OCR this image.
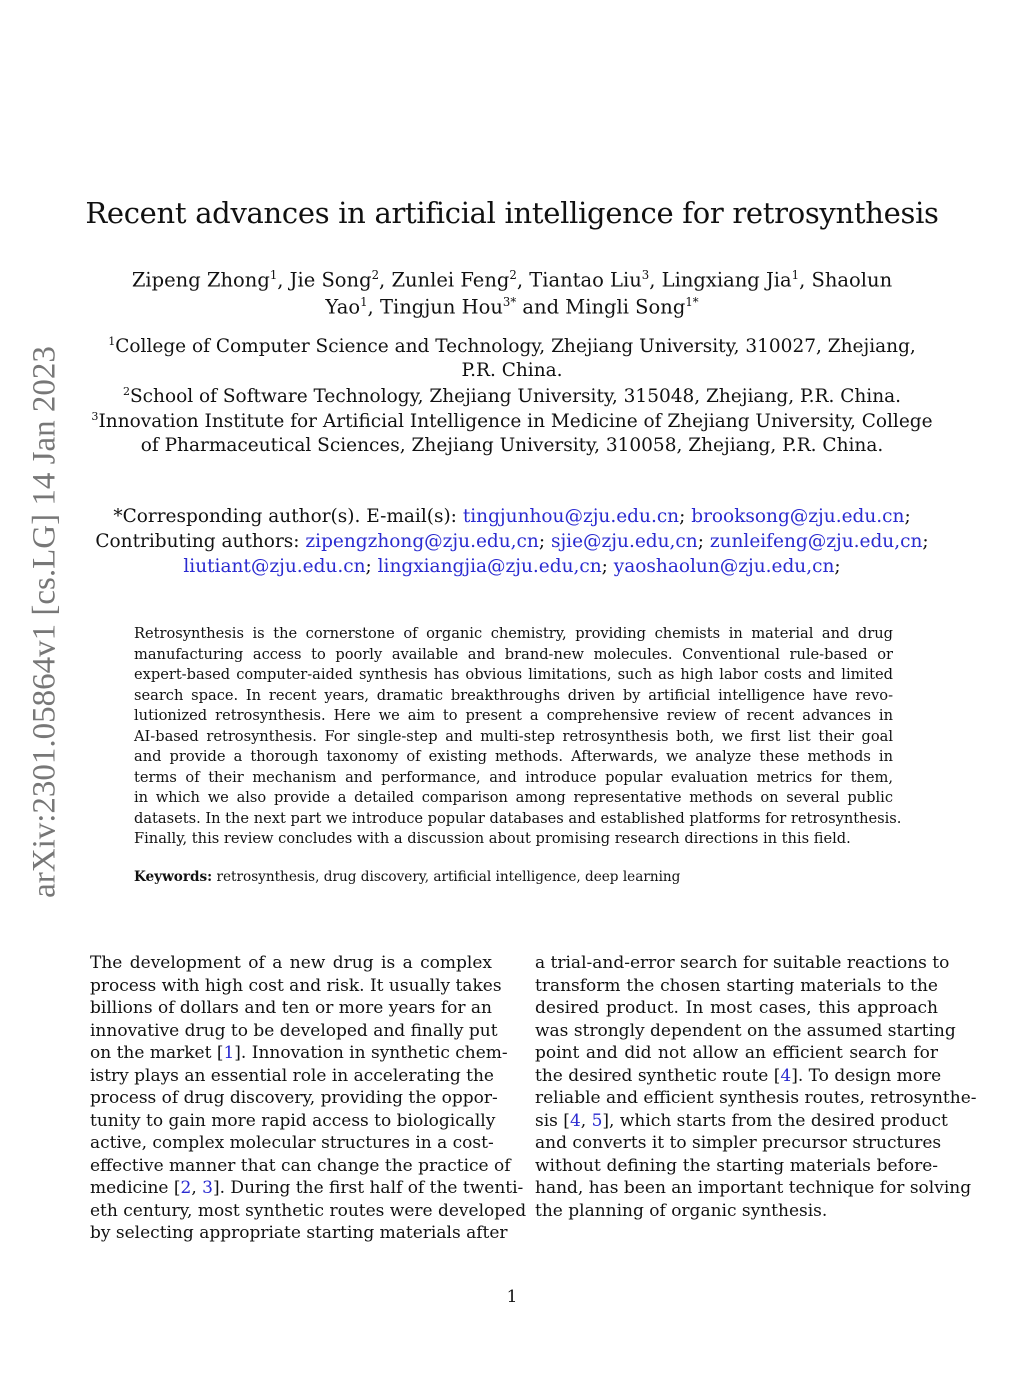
arXiv:2301.05864v1 [cs.LG] 14 Jan 2023
Recent advances in artificial intelligence for retrosynthesis
Zipeng Zhong$^1$, Jie Song$^2$, Zunlei Feng$^2$, Tiantao Liu$^3$, Lingxiang Jia$^1$, Shaolun
Yao$^1$, Tingjun Hou$^{3*}$ and Mingli Song$^{1*}$
$^1$College of Computer Science and Technology, Zhejiang University, 310027, Zhejiang,
P.R. China.
$^2$School of Software Technology, Zhejiang University, 315048, Zhejiang, P.R. China.
$^3$Innovation Institute for Artificial Intelligence in Medicine of Zhejiang University, College
of Pharmaceutical Sciences, Zhejiang University, 310058, Zhejiang, P.R. China.
*Corresponding author(s). E-mail(s): tingjunhou@zju.edu.cn; brooksong@zju.edu.cn;
Contributing authors: zipengzhong@zju.edu,cn; sjie@zju.edu,cn; zunleifeng@zju.edu,cn;
liutiant@zju.edu.cn; lingxiangjia@zju.edu,cn; yaoshaolun@zju.edu,cn;
Retrosynthesis is the cornerstone of organic chemistry, providing chemists in material and drug
manufacturing access to poorly available and brand-new molecules. Conventional rule-based or
expert-based computer-aided synthesis has obvious limitations, such as high labor costs and limited
search space. In recent years, dramatic breakthroughs driven by artificial intelligence have revo-
lutionized retrosynthesis. Here we aim to present a comprehensive review of recent advances in
AI-based retrosynthesis. For single-step and multi-step retrosynthesis both, we first list their goal
and provide a thorough taxonomy of existing methods. Afterwards, we analyze these methods in
terms of their mechanism and performance, and introduce popular evaluation metrics for them,
in which we also provide a detailed comparison among representative methods on several public
datasets. In the next part we introduce popular databases and established platforms for retrosynthesis.
Finally, this review concludes with a discussion about promising research directions in this field.
Keywords: retrosynthesis, drug discovery, artificial intelligence, deep learning
The development of a new drug is a complex
process with high cost and risk. It usually takes
billions of dollars and ten or more years for an
innovative drug to be developed and finally put
on the market [1]. Innovation in synthetic chem-
istry plays an essential role in accelerating the
process of drug discovery, providing the oppor-
tunity to gain more rapid access to biologically
active, complex molecular structures in a cost-
effective manner that can change the practice of
medicine [2, 3]. During the first half of the twenti-
eth century, most synthetic routes were developed
by selecting appropriate starting materials after
a trial-and-error search for suitable reactions to
transform the chosen starting materials to the
desired product. In most cases, this approach
was strongly dependent on the assumed starting
point and did not allow an efficient search for
the desired synthetic route [4]. To design more
reliable and efficient synthesis routes, retrosynthe-
sis [4, 5], which starts from the desired product
and converts it to simpler precursor structures
without defining the starting materials before-
hand, has been an important technique for solving
the planning of organic synthesis.
1
